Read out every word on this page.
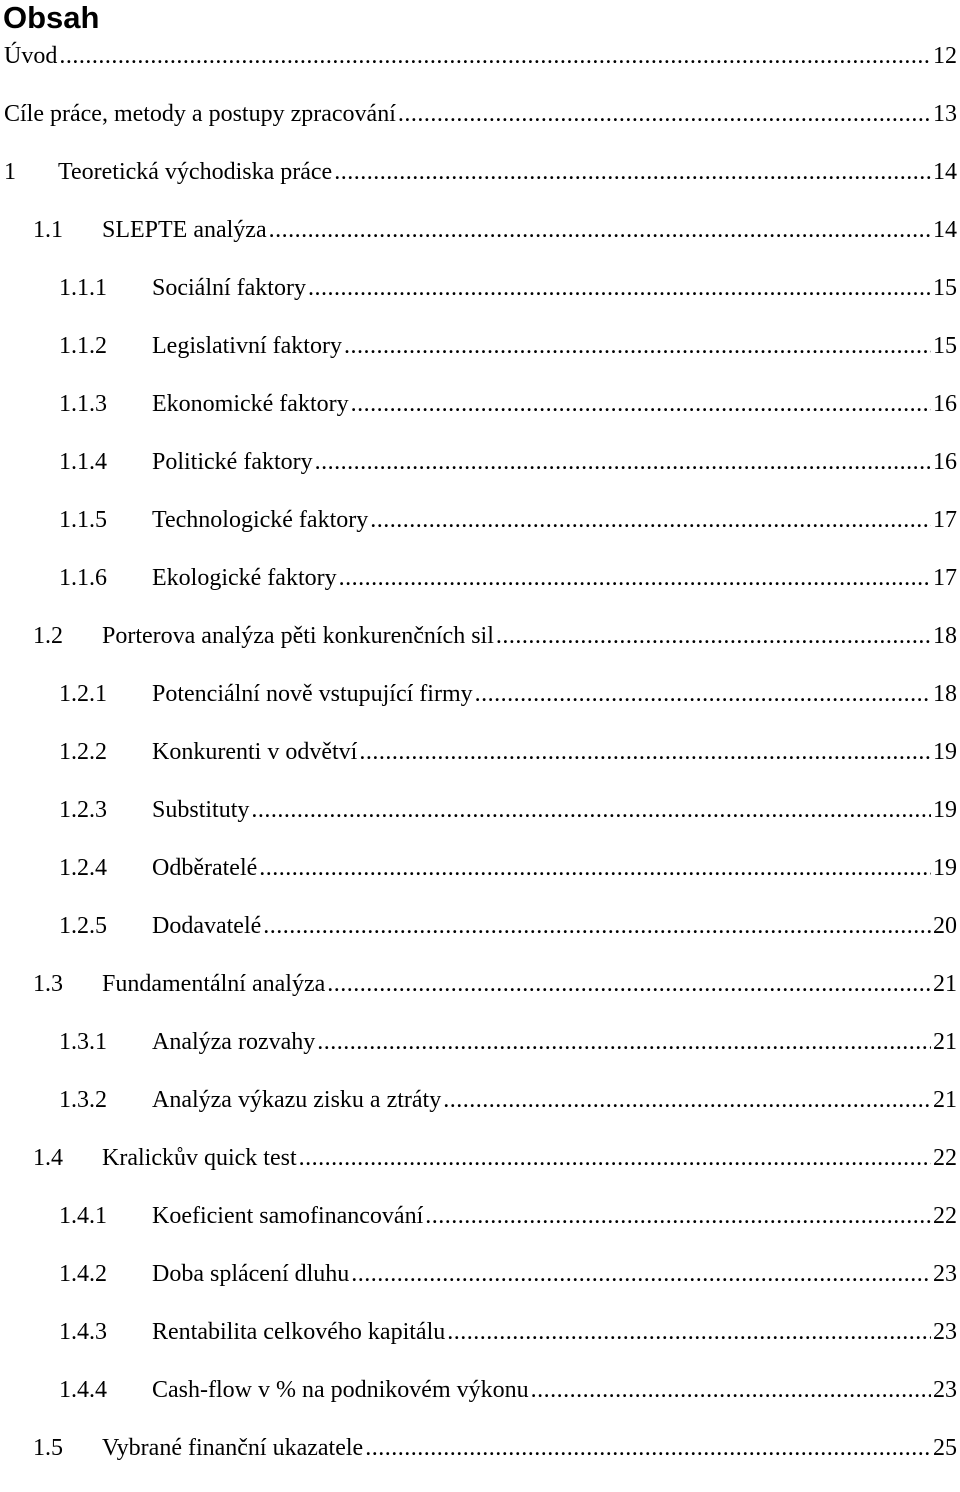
Obsah
Úvod .....	12
Cíle práce, metody a postupy zpracování .....	13
1	Teoretická východiska práce .....	14
1.1	SLEPTE analýza .....	14
1.1.1	Sociální faktory .....	15
1.1.2	Legislativní faktory .....	15
1.1.3	Ekonomické faktory .....	16
1.1.4	Politické faktory .....	16
1.1.5	Technologické faktory .....	17
1.1.6	Ekologické faktory .....	17
1.2	Porterova analýza pěti konkurenčních sil .....	18
1.2.1	Potenciální nově vstupující firmy .....	18
1.2.2	Konkurenti v odvětví .....	19
1.2.3	Substituty .....	19
1.2.4	Odběratelé .....	19
1.2.5	Dodavatelé .....	20
1.3	Fundamentální analýza .....	21
1.3.1	Analýza rozvahy .....	21
1.3.2	Analýza výkazu zisku a ztráty .....	21
1.4	Kralickův quick test .....	22
1.4.1	Koeficient samofinancování .....	22
1.4.2	Doba splácení dluhu .....	23
1.4.3	Rentabilita celkového kapitálu .....	23
1.4.4	Cash-flow v % na podnikovém výkonu .....	23
1.5	Vybrané finanční ukazatele .....	25
